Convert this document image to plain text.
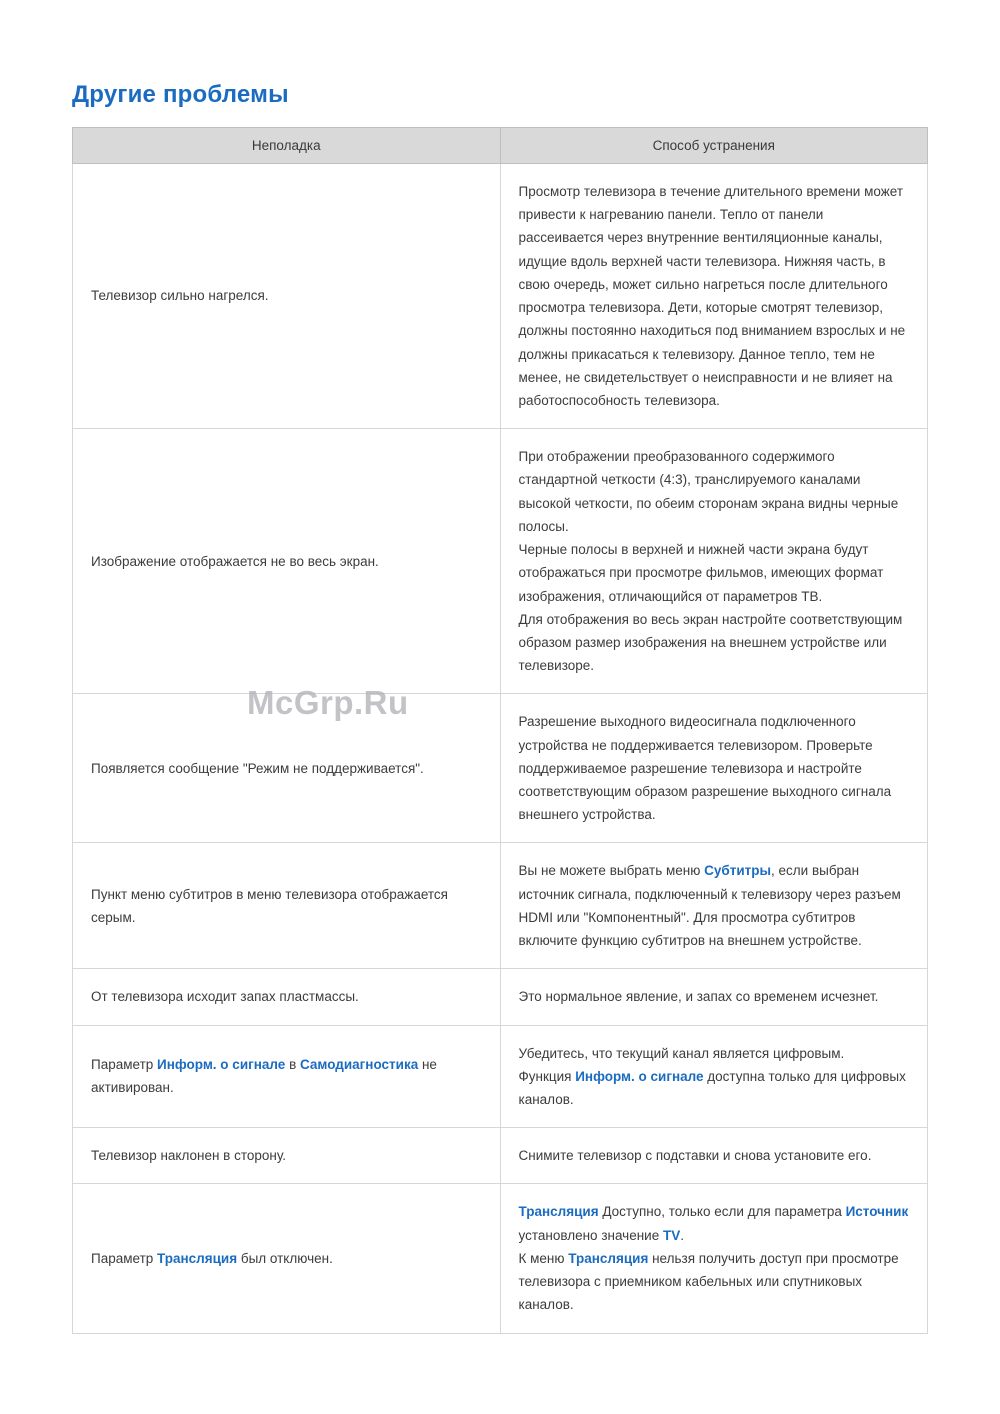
Другие проблемы
Неполадка	Способ устранения
Телевизор сильно нагрелся.	Просмотр телевизора в течение длительного времени может привести к нагреванию панели. Тепло от панели рассеивается через внутренние вентиляционные каналы, идущие вдоль верхней части телевизора. Нижняя часть, в свою очередь, может сильно нагреться после длительного просмотра телевизора. Дети, которые смотрят телевизор, должны постоянно находиться под вниманием взрослых и не должны прикасаться к телевизору. Данное тепло, тем не менее, не свидетельствует о неисправности и не влияет на работоспособность телевизора.

Изображение отображается не во весь экран.	При отображении преобразованного содержимого стандартной четкости (4:3), транслируемого каналами высокой четкости, по обеим сторонам экрана видны черные полосы.

Черные полосы в верхней и нижней части экрана будут отображаться при просмотре фильмов, имеющих формат изображения, отличающийся от параметров ТВ.

Для отображения во весь экран настройте соответствующим образом размер изображения на внешнем устройстве или телевизоре.

Появляется сообщение "Режим не поддерживается".	Разрешение выходного видеосигнала подключенного устройства не поддерживается телевизором. Проверьте поддерживаемое разрешение телевизора и настройте соответствующим образом разрешение выходного сигнала внешнего устройства.

Пункт меню субтитров в меню телевизора отображается серым.	Вы не можете выбрать меню Субтитры, если выбран источник сигнала, подключенный к телевизору через разъем HDMI или "Компонентный". Для просмотра субтитров включите функцию субтитров на внешнем устройстве.
От телевизора исходит запах пластмассы.	Это нормальное явление, и запах со временем исчезнет.

Параметр Информ. о сигнале в Самодиагностика не активирован.	Убедитесь, что текущий канал является цифровым.
Функция Информ. о сигнале доступна только для цифровых каналов.
Телевизор наклонен в сторону.	Снимите телевизор с подставки и снова установите его.

Параметр Трансляция был отключен.	Трансляция Доступно, только если для параметра Источник установлено значение TV.
К меню Трансляция нельзя получить доступ при просмотре телевизора с приемником кабельных или спутниковых каналов.
McGrp.Ru
